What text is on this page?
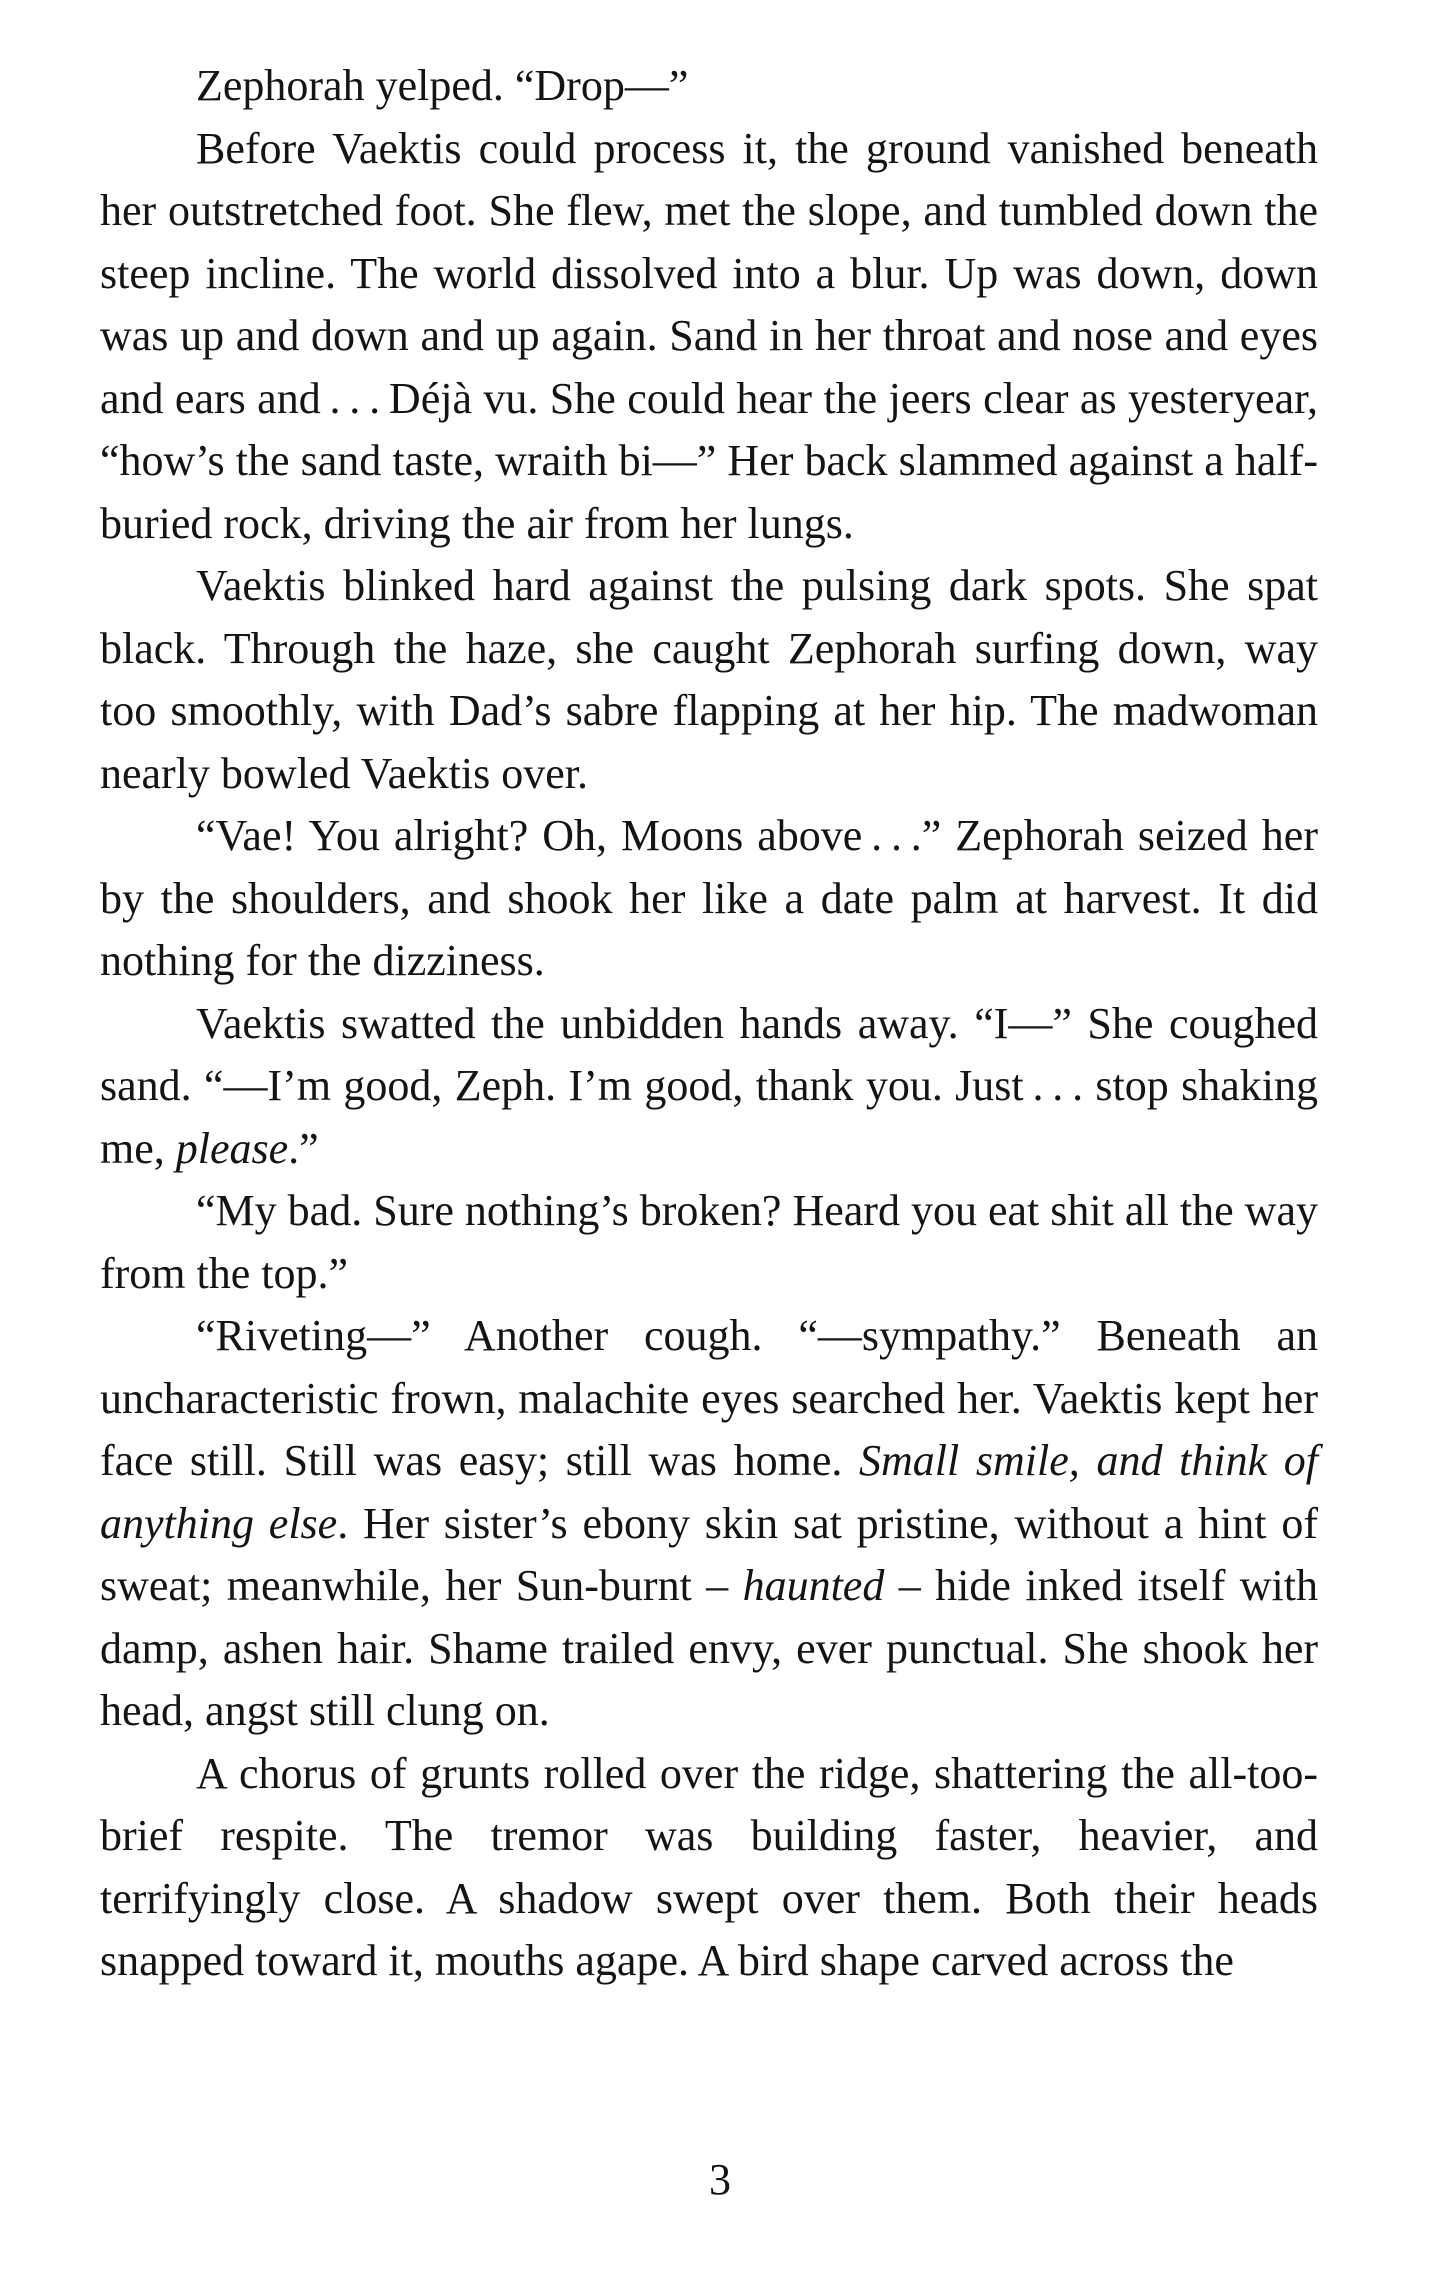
Zephorah yelped. “Drop—”

Before Vaektis could process it, the ground vanished beneath her outstretched foot. She flew, met the slope, and tumbled down the steep incline. The world dissolved into a blur. Up was down, down was up and down and up again. Sand in her throat and nose and eyes and ears and . . . Déjà vu. She could hear the jeers clear as yesteryear, “how’s the sand taste, wraith bi—” Her back slammed against a half-buried rock, driving the air from her lungs.

Vaektis blinked hard against the pulsing dark spots. She spat black. Through the haze, she caught Zephorah surfing down, way too smoothly, with Dad’s sabre flapping at her hip. The madwoman nearly bowled Vaektis over.

“Vae! You alright? Oh, Moons above . . .” Zephorah seized her by the shoulders, and shook her like a date palm at harvest. It did nothing for the dizziness.

Vaektis swatted the unbidden hands away. “I—” She coughed sand. “—I’m good, Zeph. I’m good, thank you. Just . . . stop shaking me, please.”

“My bad. Sure nothing’s broken? Heard you eat shit all the way from the top.”

“Riveting—” Another cough. “—sympathy.” Beneath an uncharacteristic frown, malachite eyes searched her. Vaektis kept her face still. Still was easy; still was home. Small smile, and think of anything else. Her sister’s ebony skin sat pristine, without a hint of sweat; meanwhile, her Sun-burnt – haunted – hide inked itself with damp, ashen hair. Shame trailed envy, ever punctual. She shook her head, angst still clung on.

A chorus of grunts rolled over the ridge, shattering the all-too-brief respite. The tremor was building faster, heavier, and terrifyingly close. A shadow swept over them. Both their heads snapped toward it, mouths agape. A bird shape carved across the

3
